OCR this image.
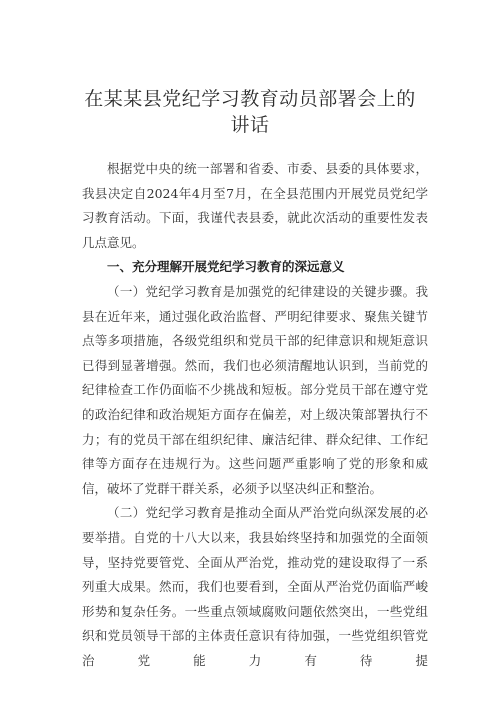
在某某县党纪学习教育动员部署会上的
讲话

根据党中央的统一部署和省委、市委、县委的具体要求，我县决定自2024年4月至7月，在全县范围内开展党员党纪学习教育活动。下面，我谨代表县委，就此次活动的重要性发表几点意见。

一、充分理解开展党纪学习教育的深远意义

（一）党纪学习教育是加强党的纪律建设的关键步骤。我县在近年来，通过强化政治监督、严明纪律要求、聚焦关键节点等多项措施，各级党组织和党员干部的纪律意识和规矩意识已得到显著增强。然而，我们也必须清醒地认识到，当前党的纪律检查工作仍面临不少挑战和短板。部分党员干部在遵守党的政治纪律和政治规矩方面存在偏差，对上级决策部署执行不力；有的党员干部在组织纪律、廉洁纪律、群众纪律、工作纪律等方面存在违规行为。这些问题严重影响了党的形象和威信，破坏了党群干群关系，必须予以坚决纠正和整治。

（二）党纪学习教育是推动全面从严治党向纵深发展的必要举措。自党的十八大以来，我县始终坚持和加强党的全面领导，坚持党要管党、全面从严治党，推动党的建设取得了一系列重大成果。然而，我们也要看到，全面从严治党仍面临严峻形势和复杂任务。一些重点领域腐败问题依然突出，一些党组织和党员领导干部的主体责任意识有待加强，一些党组织管党治党能力有待提
